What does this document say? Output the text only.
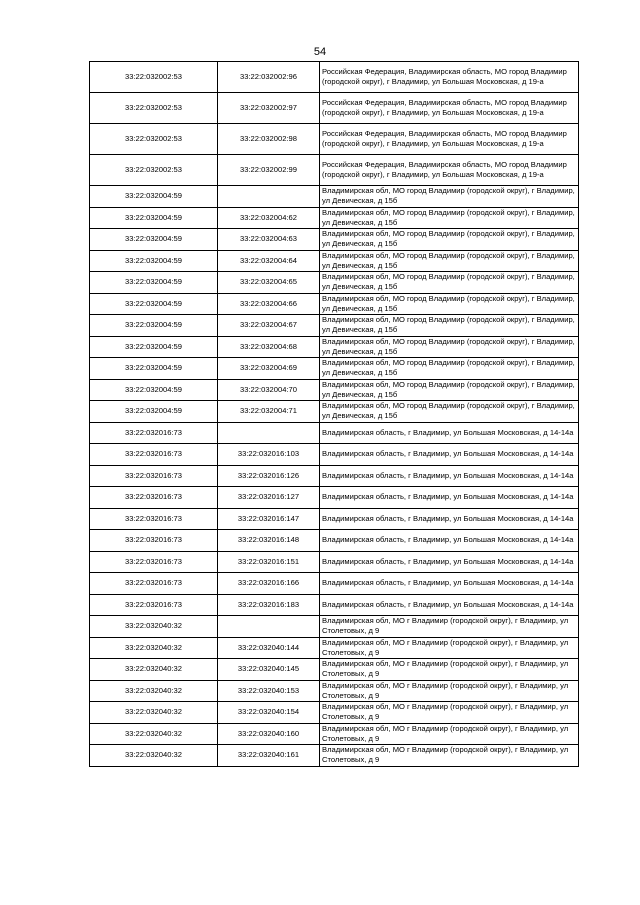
54
33:22:032002:53	33:22:032002:96	Российская Федерация, Владимирская область, МО город Владимир (городской округ), г Владимир, ул Большая Московская, д 19-а
33:22:032002:53	33:22:032002:97	Российская Федерация, Владимирская область, МО город Владимир (городской округ), г Владимир, ул Большая Московская, д 19-а
33:22:032002:53	33:22:032002:98	Российская Федерация, Владимирская область, МО город Владимир (городской округ), г Владимир, ул Большая Московская, д 19-а
33:22:032002:53	33:22:032002:99	Российская Федерация, Владимирская область, МО город Владимир (городской округ), г Владимир, ул Большая Московская, д 19-а
33:22:032004:59		Владимирская обл, МО город Владимир (городской округ), г Владимир, ул Девическая, д 15б
33:22:032004:59	33:22:032004:62	Владимирская обл, МО город Владимир (городской округ), г Владимир, ул Девическая, д 15б
33:22:032004:59	33:22:032004:63	Владимирская обл, МО город Владимир (городской округ), г Владимир, ул Девическая, д 15б
33:22:032004:59	33:22:032004:64	Владимирская обл, МО город Владимир (городской округ), г Владимир, ул Девическая, д 15б
33:22:032004:59	33:22:032004:65	Владимирская обл, МО город Владимир (городской округ), г Владимир, ул Девическая, д 15б
33:22:032004:59	33:22:032004:66	Владимирская обл, МО город Владимир (городской округ), г Владимир, ул Девическая, д 15б
33:22:032004:59	33:22:032004:67	Владимирская обл, МО город Владимир (городской округ), г Владимир, ул Девическая, д 15б
33:22:032004:59	33:22:032004:68	Владимирская обл, МО город Владимир (городской округ), г Владимир, ул Девическая, д 15б
33:22:032004:59	33:22:032004:69	Владимирская обл, МО город Владимир (городской округ), г Владимир, ул Девическая, д 15б
33:22:032004:59	33:22:032004:70	Владимирская обл, МО город Владимир (городской округ), г Владимир, ул Девическая, д 15б
33:22:032004:59	33:22:032004:71	Владимирская обл, МО город Владимир (городской округ), г Владимир, ул Девическая, д 15б
33:22:032016:73		Владимирская область, г Владимир, ул Большая Московская, д 14-14а
33:22:032016:73	33:22:032016:103	Владимирская область, г Владимир, ул Большая Московская, д 14-14а
33:22:032016:73	33:22:032016:126	Владимирская область, г Владимир, ул Большая Московская, д 14-14а
33:22:032016:73	33:22:032016:127	Владимирская область, г Владимир, ул Большая Московская, д 14-14а
33:22:032016:73	33:22:032016:147	Владимирская область, г Владимир, ул Большая Московская, д 14-14а
33:22:032016:73	33:22:032016:148	Владимирская область, г Владимир, ул Большая Московская, д 14-14а
33:22:032016:73	33:22:032016:151	Владимирская область, г Владимир, ул Большая Московская, д 14-14а
33:22:032016:73	33:22:032016:166	Владимирская область, г Владимир, ул Большая Московская, д 14-14а
33:22:032016:73	33:22:032016:183	Владимирская область, г Владимир, ул Большая Московская, д 14-14а
33:22:032040:32		Владимирская обл, МО г Владимир (городской округ), г Владимир, ул Столетовых, д 9
33:22:032040:32	33:22:032040:144	Владимирская обл, МО г Владимир (городской округ), г Владимир, ул Столетовых, д 9
33:22:032040:32	33:22:032040:145	Владимирская обл, МО г Владимир (городской округ), г Владимир, ул Столетовых, д 9
33:22:032040:32	33:22:032040:153	Владимирская обл, МО г Владимир (городской округ), г Владимир, ул Столетовых, д 9
33:22:032040:32	33:22:032040:154	Владимирская обл, МО г Владимир (городской округ), г Владимир, ул Столетовых, д 9
33:22:032040:32	33:22:032040:160	Владимирская обл, МО г Владимир (городской округ), г Владимир, ул Столетовых, д 9
33:22:032040:32	33:22:032040:161	Владимирская обл, МО г Владимир (городской округ), г Владимир, ул Столетовых, д 9
